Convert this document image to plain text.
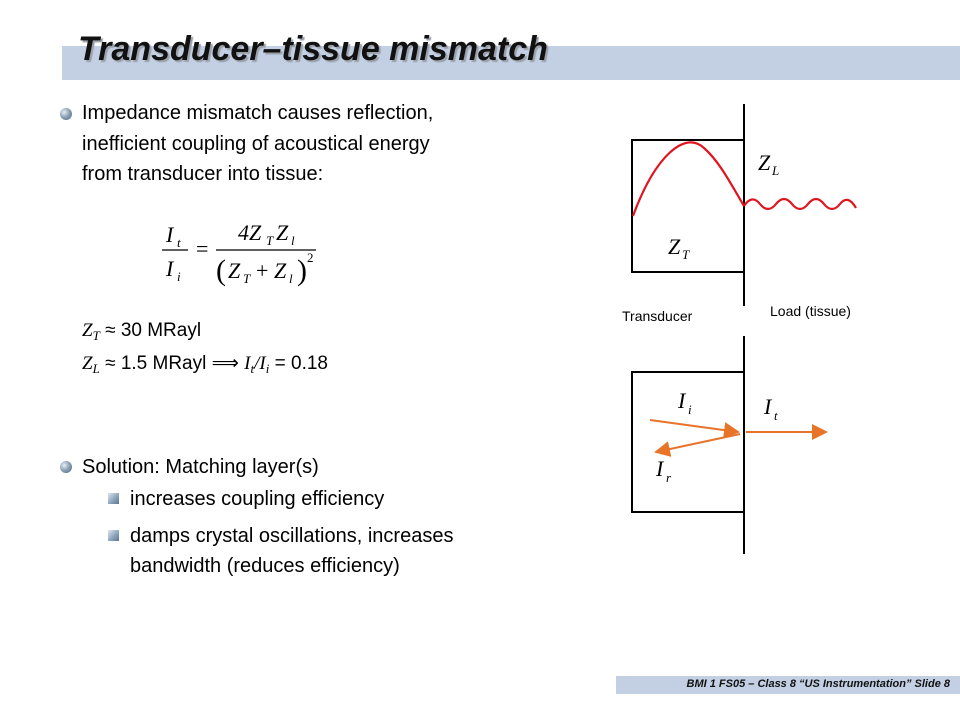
Transducer–tissue mismatch
Impedance mismatch causes reflection,
inefficient coupling of acoustical energy
from transducer into tissue:
I t
I i
=
4Z T Z l
( Z T + Z l ) 2
$Z_T \approx 30$ MRayl
$Z_L \approx 1.5$ MRayl ⟹ $I_t/I_i = 0.18$
Solution: Matching layer(s)
increases coupling efficiency
damps crystal oscillations, increases
bandwidth (reduces efficiency)
Z L
Z T
Transducer	Load (tissue)
I i	I t
I r
BMI 1 FS05 – Class 8 “US Instrumentation” Slide 8
